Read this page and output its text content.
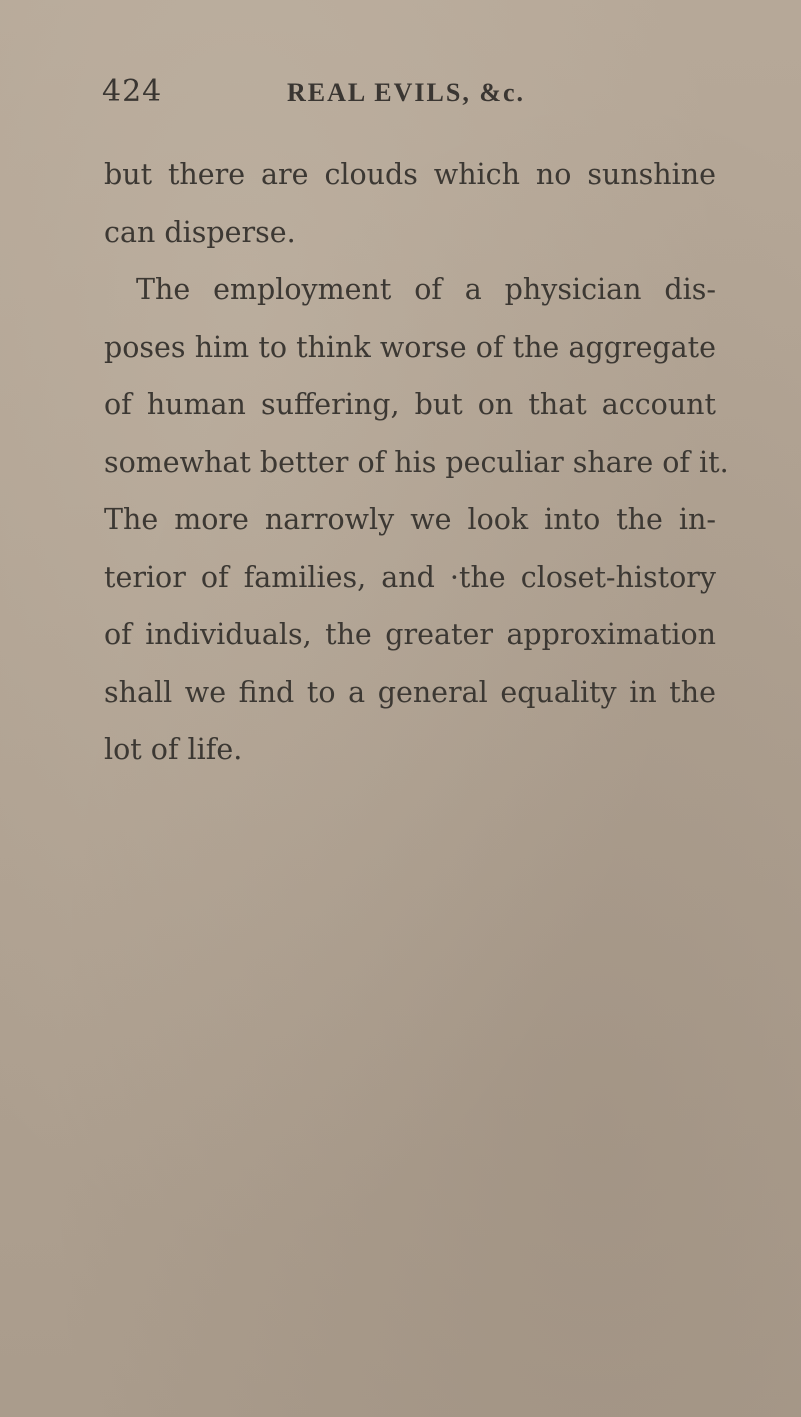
424	REAL EVILS, &c.
but there are clouds which no sunshine
can disperse.
The employment of a physician dis-
poses him to think worse of the aggregate
of human suffering, but on that account
somewhat better of his peculiar share of it.
The more narrowly we look into the in-
terior of families, and ·the closet-history
of individuals, the greater approximation
shall we find to a general equality in the
lot of life.
